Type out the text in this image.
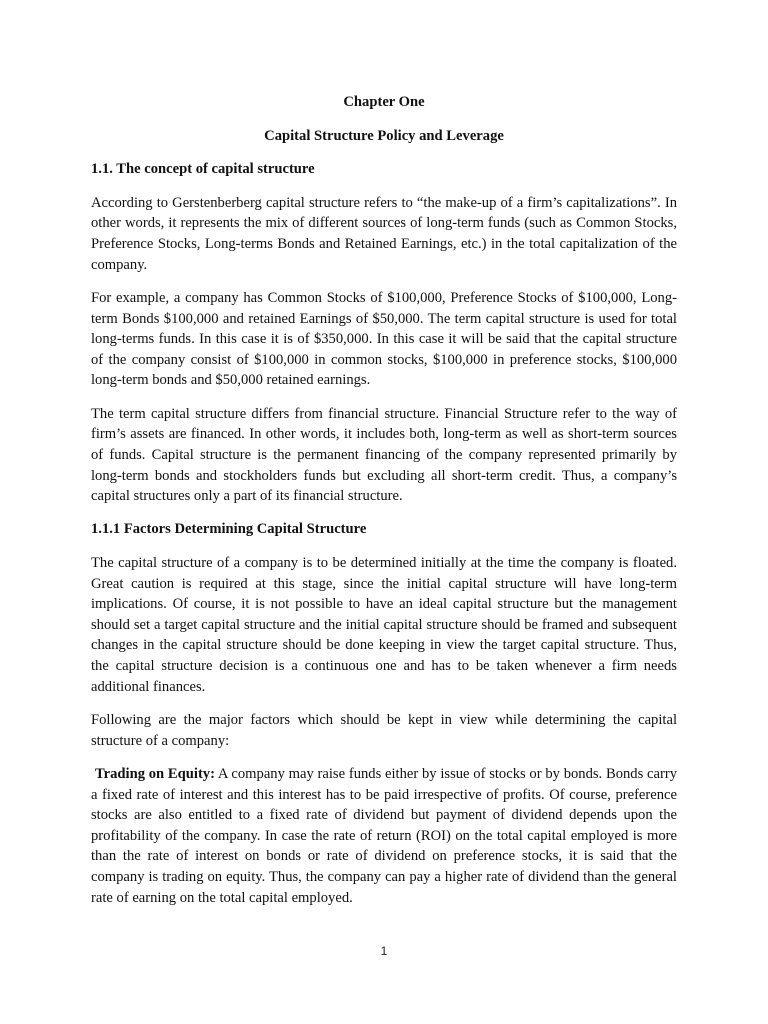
Chapter One
Capital Structure Policy and Leverage
1.1. The concept of capital structure

According to Gerstenberberg capital structure refers to “the make-up of a firm’s capitalizations”. In other words, it represents the mix of different sources of long-term funds (such as Common Stocks, Preference Stocks, Long-terms Bonds and Retained Earnings, etc.) in the total capitalization of the company.

For example, a company has Common Stocks of $100,000, Preference Stocks of $100,000, Long-term Bonds $100,000 and retained Earnings of $50,000. The term capital structure is used for total long-terms funds. In this case it is of $350,000. In this case it will be said that the capital structure of the company consist of $100,000 in common stocks, $100,000 in preference stocks, $100,000 long-term bonds and $50,000 retained earnings.

The term capital structure differs from financial structure. Financial Structure refer to the way of firm’s assets are financed. In other words, it includes both, long-term as well as short-term sources of funds. Capital structure is the permanent financing of the company represented primarily by long-term bonds and stockholders funds but excluding all short-term credit. Thus, a company’s capital structures only a part of its financial structure.

1.1.1 Factors Determining Capital Structure

The capital structure of a company is to be determined initially at the time the company is floated. Great caution is required at this stage, since the initial capital structure will have long-term implications. Of course, it is not possible to have an ideal capital structure but the management should set a target capital structure and the initial capital structure should be framed and subsequent changes in the capital structure should be done keeping in view the target capital structure. Thus, the capital structure decision is a continuous one and has to be taken whenever a firm needs additional finances.

Following are the major factors which should be kept in view while determining the capital structure of a company:

Trading on Equity: A company may raise funds either by issue of stocks or by bonds. Bonds carry a fixed rate of interest and this interest has to be paid irrespective of profits. Of course, preference stocks are also entitled to a fixed rate of dividend but payment of dividend depends upon the profitability of the company. In case the rate of return (ROI) on the total capital employed is more than the rate of interest on bonds or rate of dividend on preference stocks, it is said that the company is trading on equity. Thus, the company can pay a higher rate of dividend than the general rate of earning on the total capital employed.

1
